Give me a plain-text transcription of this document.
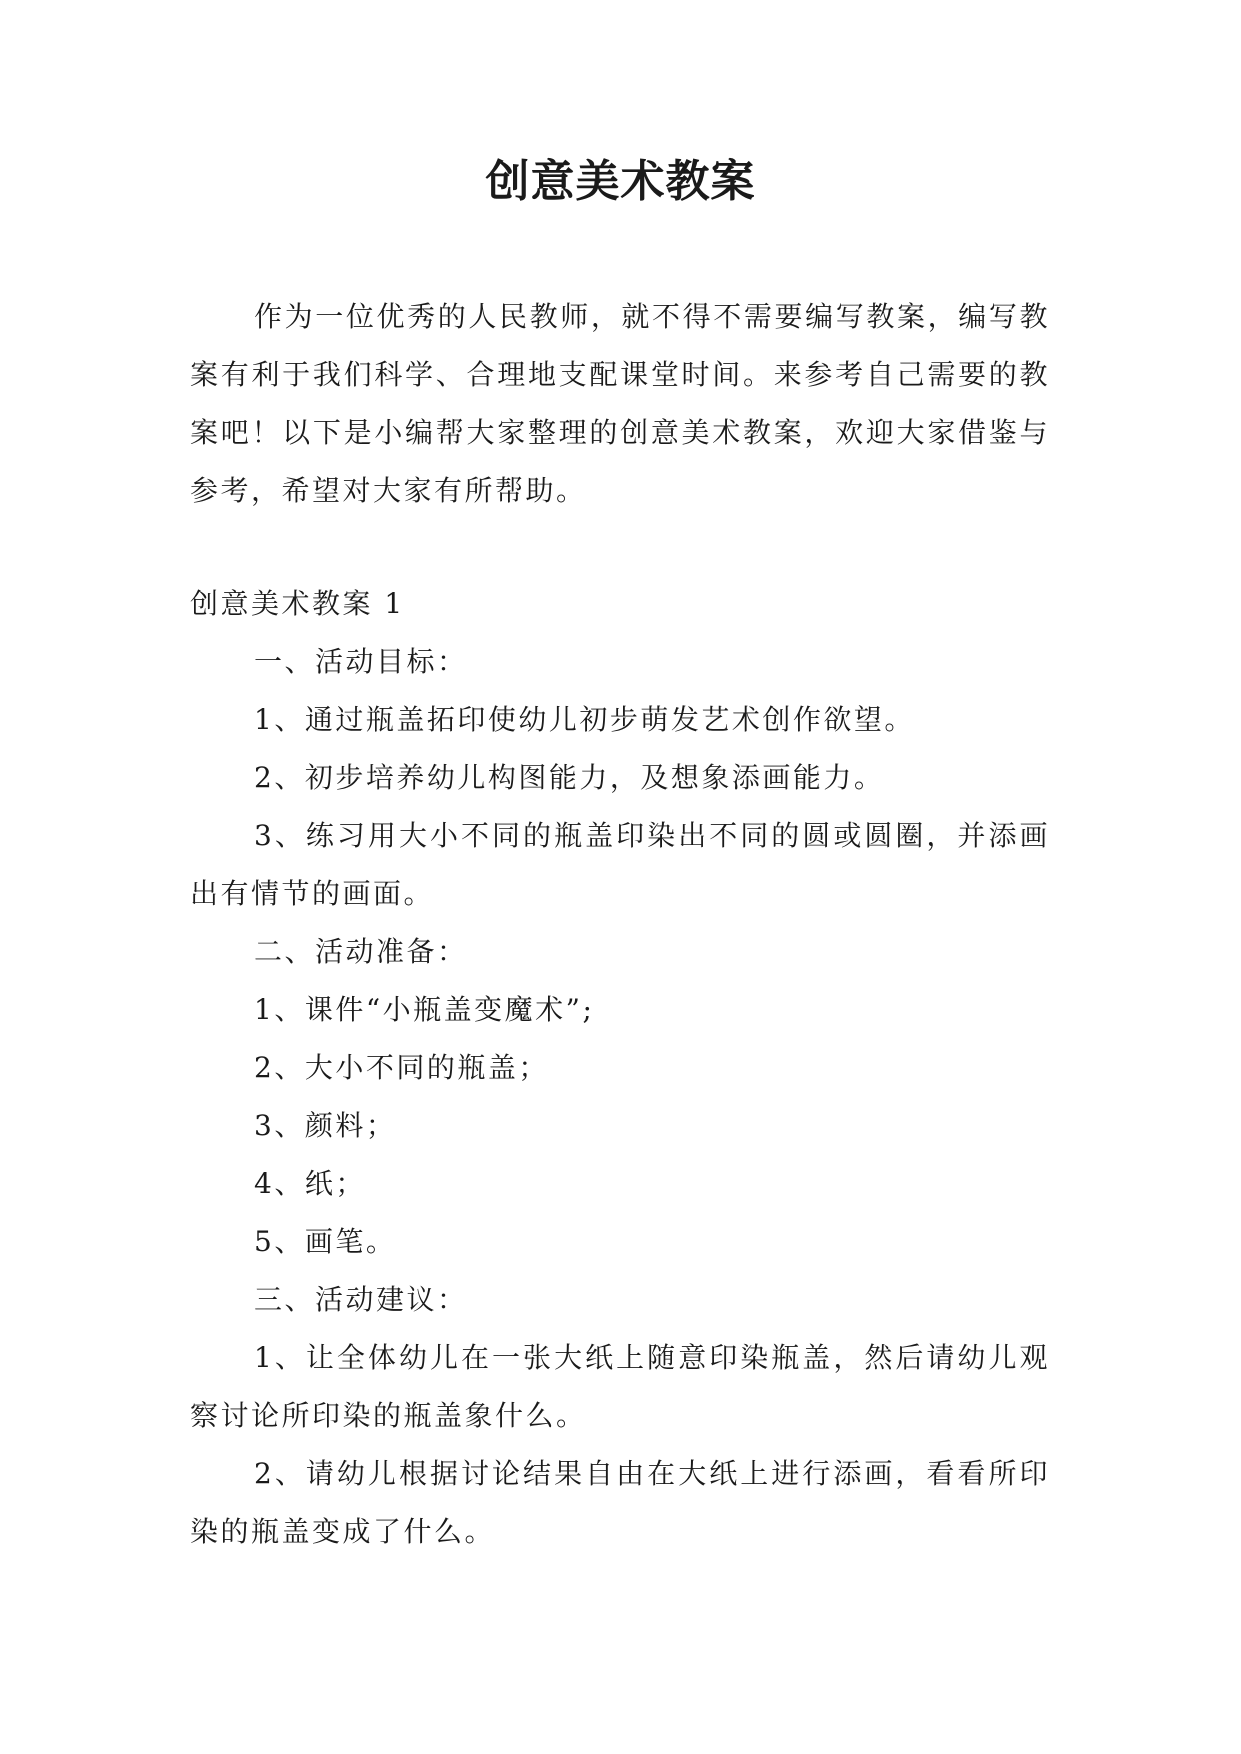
创意美术教案

作为一位优秀的人民教师，就不得不需要编写教案，编写教案有利于我们科学、合理地支配课堂时间。来参考自己需要的教案吧！以下是小编帮大家整理的创意美术教案，欢迎大家借鉴与参考，希望对大家有所帮助。

创意美术教案 1

一、活动目标：

1、通过瓶盖拓印使幼儿初步萌发艺术创作欲望。

2、初步培养幼儿构图能力，及想象添画能力。

3、练习用大小不同的瓶盖印染出不同的圆或圆圈，并添画出有情节的画面。

二、活动准备：

1、课件“小瓶盖变魔术”;

2、大小不同的瓶盖；

3、颜料；

4、纸；

5、画笔。

三、活动建议：

1、让全体幼儿在一张大纸上随意印染瓶盖，然后请幼儿观察讨论所印染的瓶盖象什么。

2、请幼儿根据讨论结果自由在大纸上进行添画，看看所印染的瓶盖变成了什么。
